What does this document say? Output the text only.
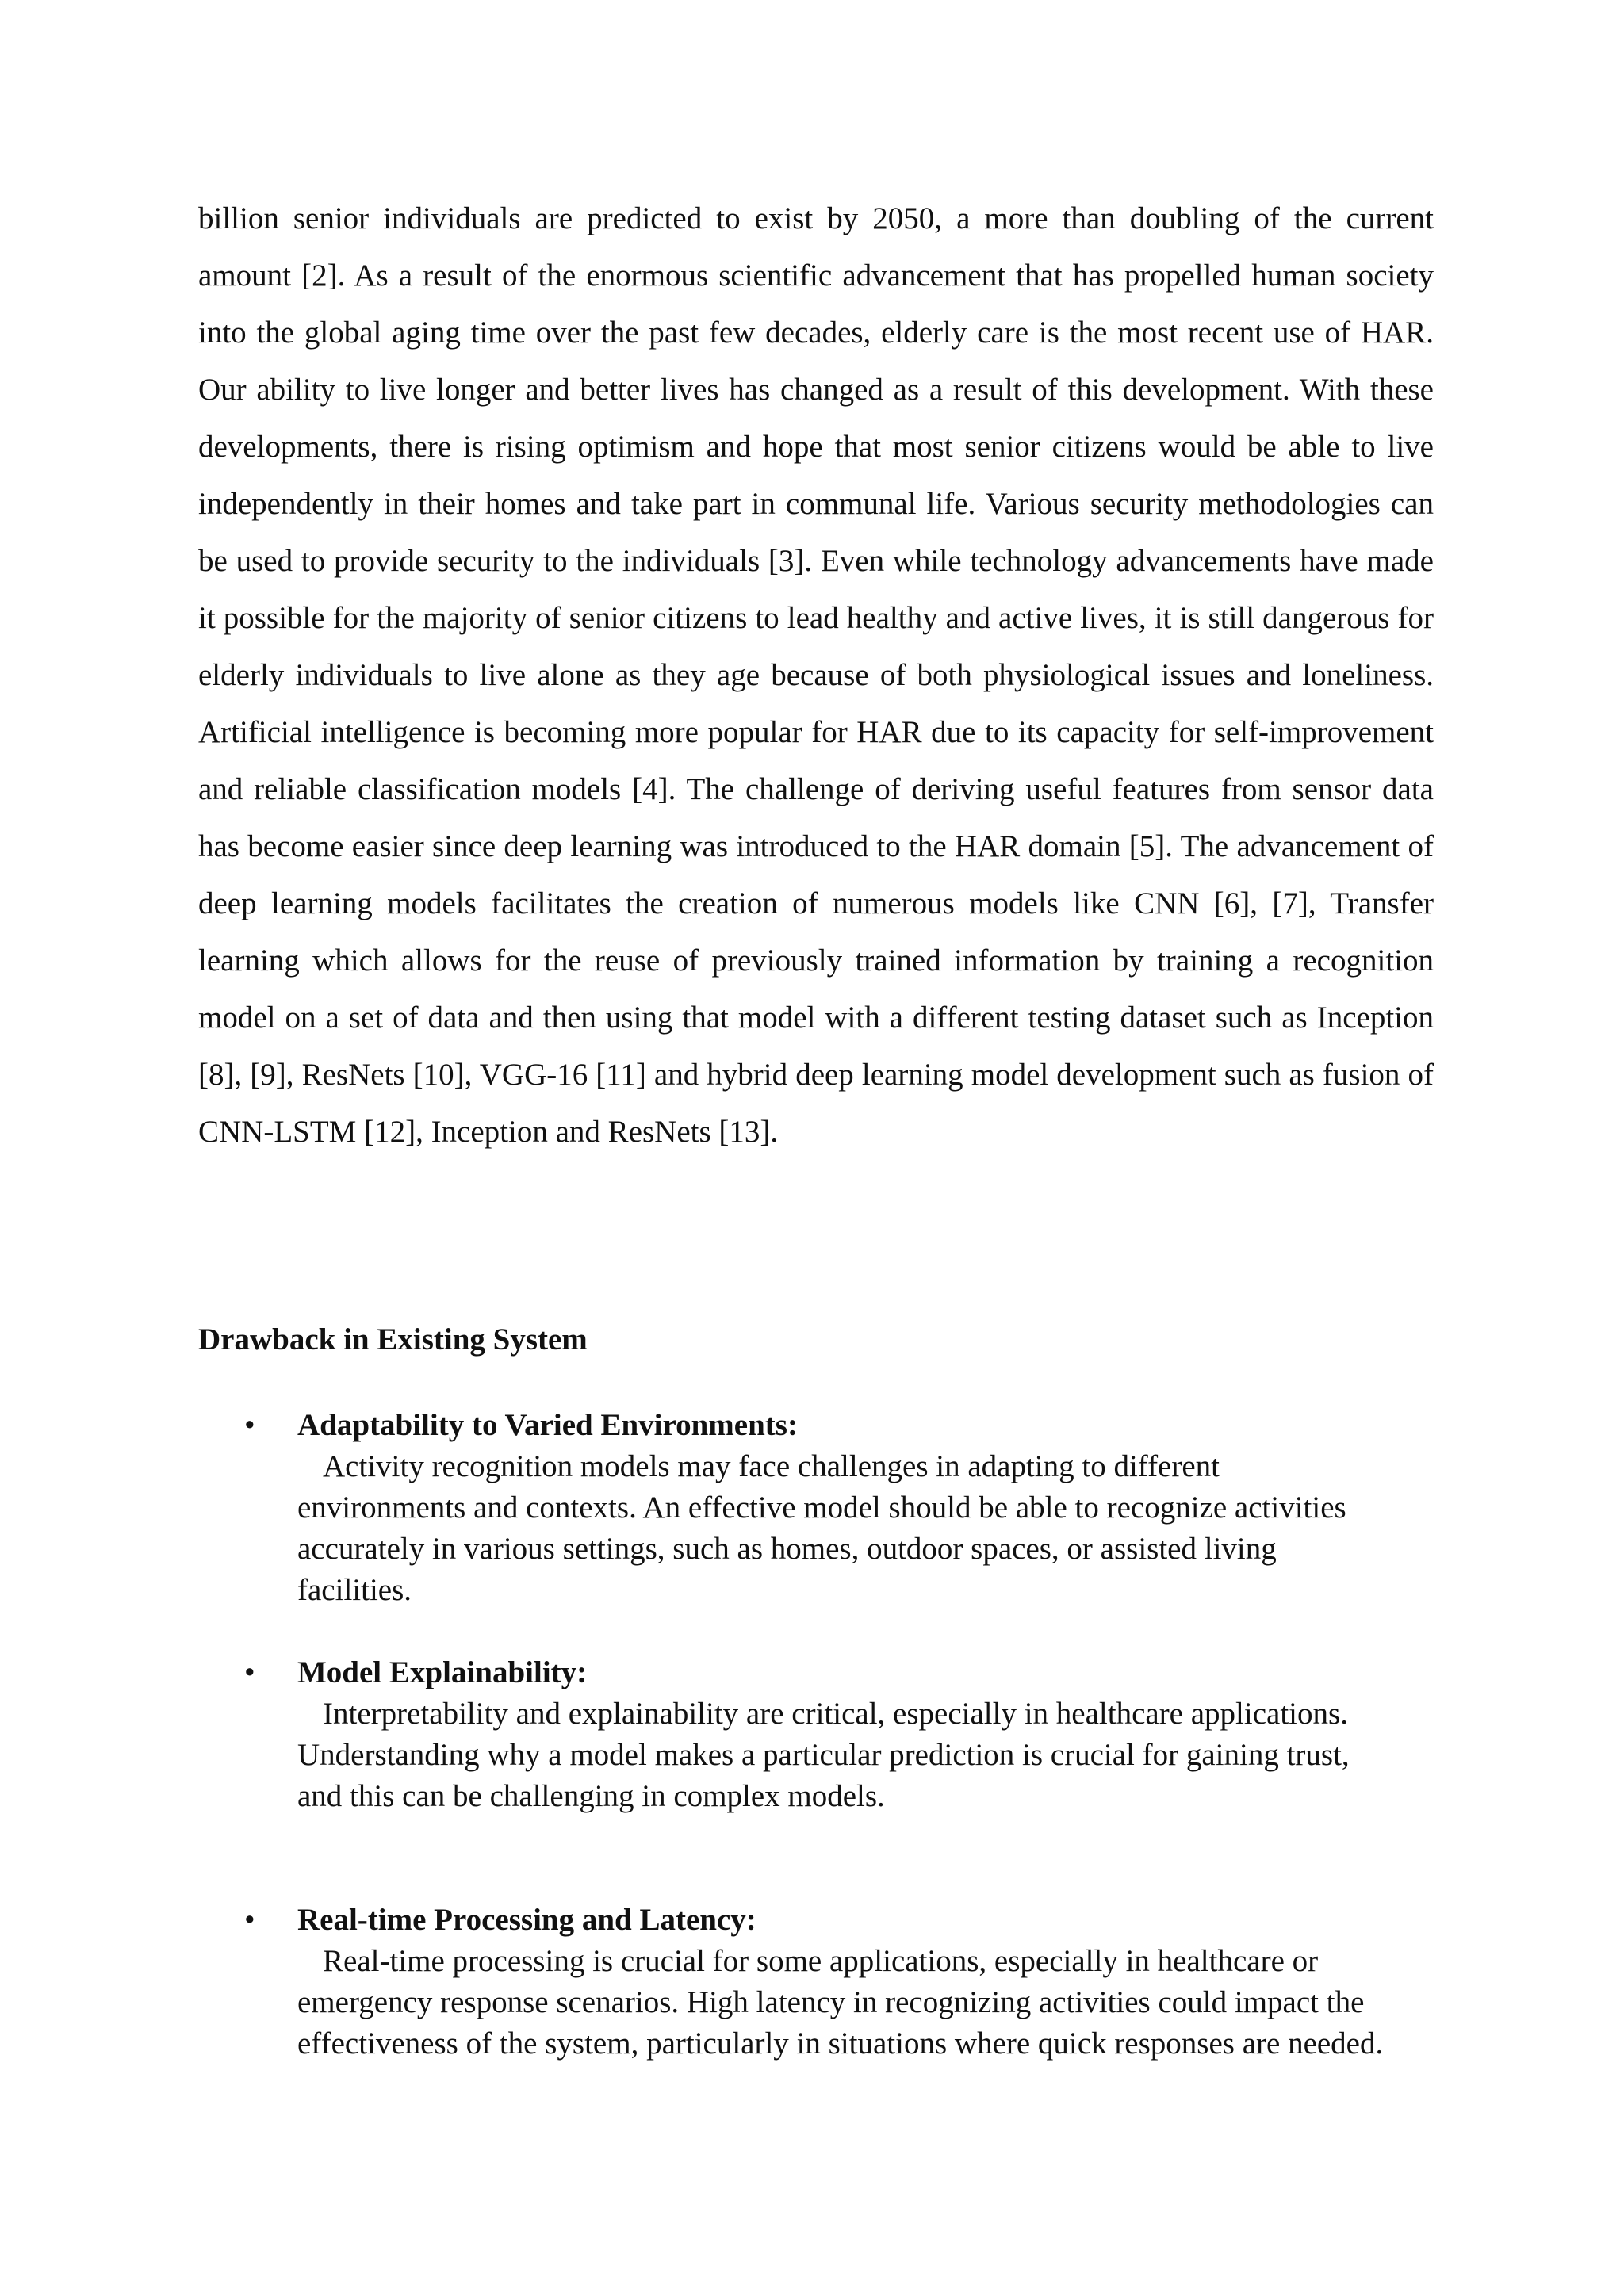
billion senior individuals are predicted to exist by 2050, a more than doubling of the current amount [2]. As a result of the enormous scientific advancement that has propelled human society into the global aging time over the past few decades, elderly care is the most recent use of HAR. Our ability to live longer and better lives has changed as a result of this development. With these developments, there is rising optimism and hope that most senior citizens would be able to live independently in their homes and take part in communal life. Various security methodologies can be used to provide security to the individuals [3]. Even while technology advancements have made it possible for the majority of senior citizens to lead healthy and active lives, it is still dangerous for elderly individuals to live alone as they age because of both physiological issues and loneliness. Artificial intelligence is becoming more popular for HAR due to its capacity for self-improvement and reliable classification models [4]. The challenge of deriving useful features from sensor data has become easier since deep learning was introduced to the HAR domain [5]. The advancement of deep learning models facilitates the creation of numerous models like CNN [6], [7], Transfer learning which allows for the reuse of previously trained information by training a recognition model on a set of data and then using that model with a different testing dataset such as Inception [8], [9], ResNets [10], VGG-16 [11] and hybrid deep learning model development such as fusion of CNN-LSTM [12], Inception and ResNets [13].

Drawback in Existing System
• Adaptability to Varied Environments:

Activity recognition models may face challenges in adapting to different environments and contexts. An effective model should be able to recognize activities accurately in various settings, such as homes, outdoor spaces, or assisted living facilities.

• Model Explainability:

Interpretability and explainability are critical, especially in healthcare applications. Understanding why a model makes a particular prediction is crucial for gaining trust, and this can be challenging in complex models.

• Real-time Processing and Latency:

Real-time processing is crucial for some applications, especially in healthcare or emergency response scenarios. High latency in recognizing activities could impact the effectiveness of the system, particularly in situations where quick responses are needed.
